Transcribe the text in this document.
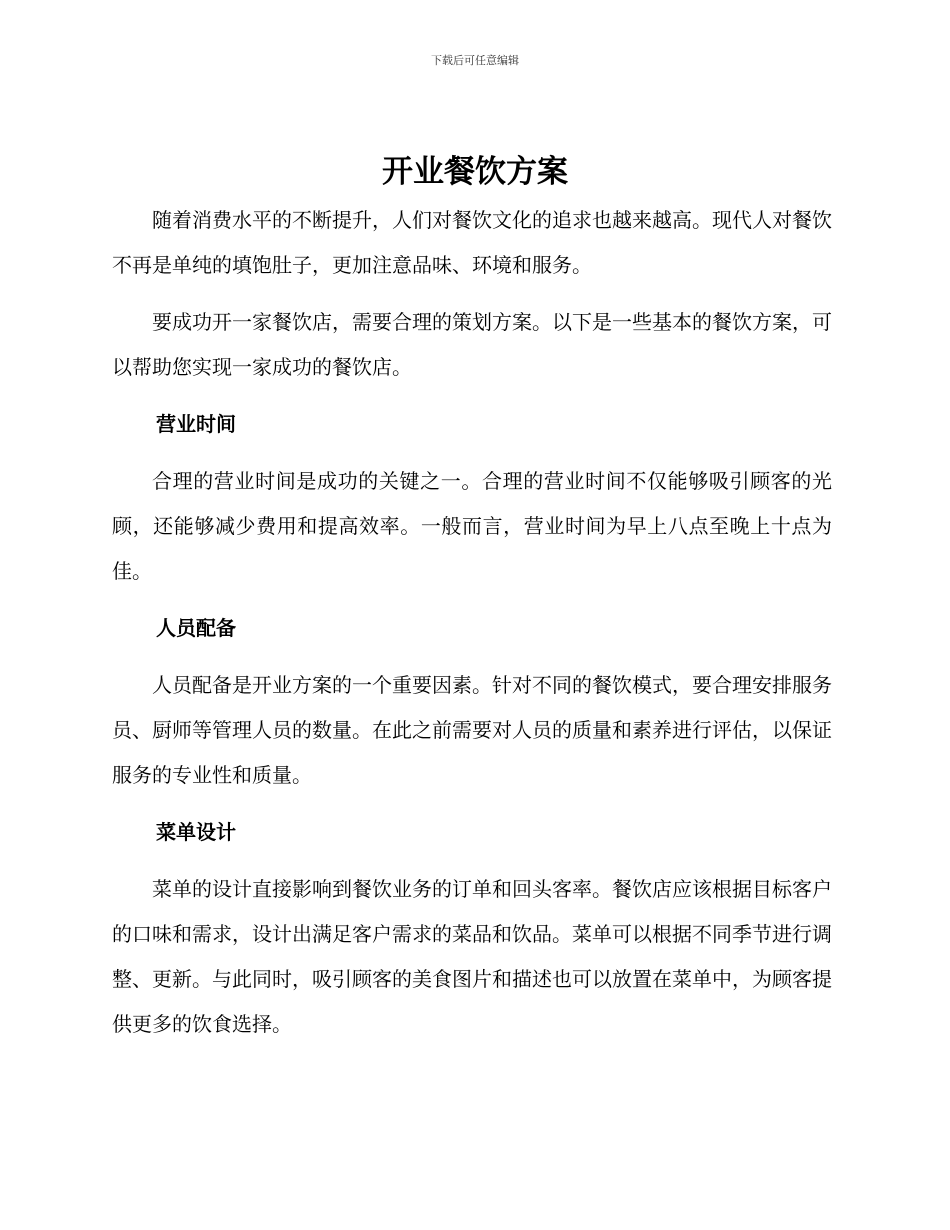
下载后可任意编辑
开业餐饮方案

随着消费水平的不断提升，人们对餐饮文化的追求也越来越高。现代人对餐饮不再是单纯的填饱肚子，更加注意品味、环境和服务。

要成功开一家餐饮店，需要合理的策划方案。以下是一些基本的餐饮方案，可以帮助您实现一家成功的餐饮店。

营业时间

合理的营业时间是成功的关键之一。合理的营业时间不仅能够吸引顾客的光顾，还能够减少费用和提高效率。一般而言，营业时间为早上八点至晚上十点为佳。

人员配备

人员配备是开业方案的一个重要因素。针对不同的餐饮模式，要合理安排服务员、厨师等管理人员的数量。在此之前需要对人员的质量和素养进行评估，以保证服务的专业性和质量。

菜单设计

菜单的设计直接影响到餐饮业务的订单和回头客率。餐饮店应该根据目标客户的口味和需求，设计出满足客户需求的菜品和饮品。菜单可以根据不同季节进行调整、更新。与此同时，吸引顾客的美食图片和描述也可以放置在菜单中，为顾客提供更多的饮食选择。
